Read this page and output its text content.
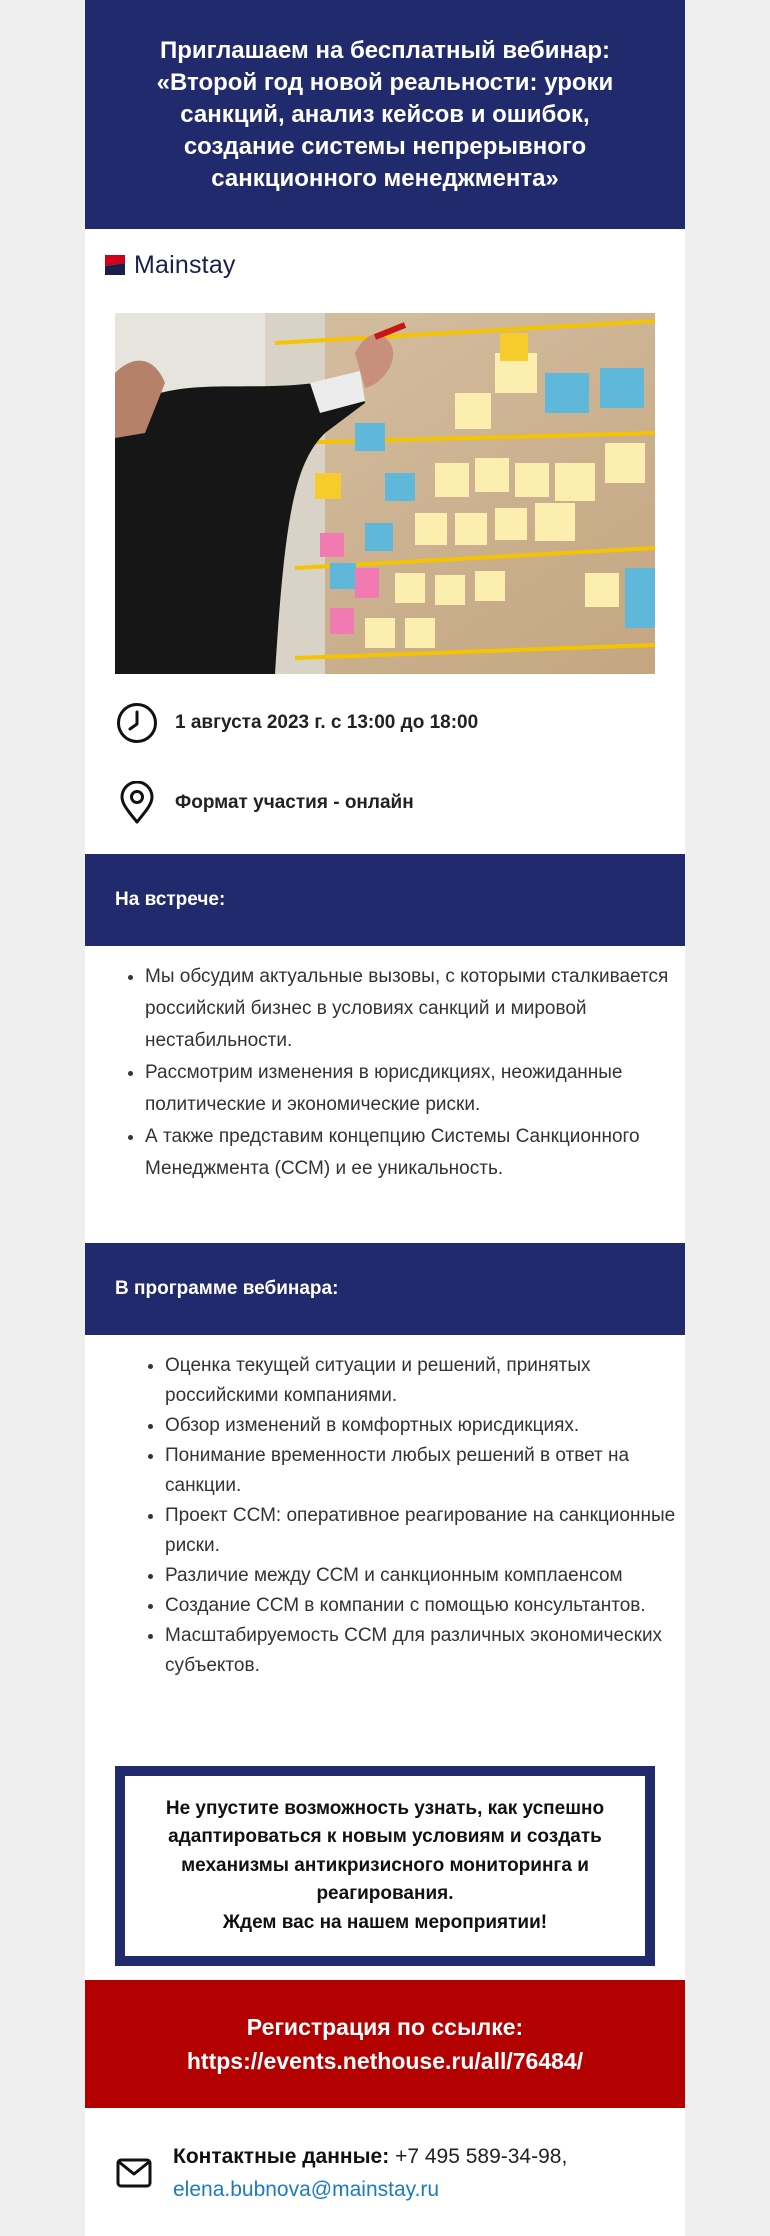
Приглашаем на бесплатный вебинар: «Второй год новой реальности: уроки санкций, анализ кейсов и ошибок, создание системы непрерывного санкционного менеджмента»
Mainstay
1 августа 2023 г. с 13:00 до 18:00
Формат участия - онлайн
На встрече:
• Мы обсудим актуальные вызовы, с которыми сталкивается российский бизнес в условиях санкций и мировой нестабильности.
• Рассмотрим изменения в юрисдикциях, неожиданные политические и экономические риски.
• А также представим концепцию Системы Санкционного Менеджмента (ССМ) и ее уникальность.
В программе вебинара:
• Оценка текущей ситуации и решений, принятых российскими компаниями.
• Обзор изменений в комфортных юрисдикциях.
• Понимание временности любых решений в ответ на санкции.
• Проект ССМ: оперативное реагирование на санкционные риски.
• Различие между ССМ и санкционным комплаенсом
• Создание ССМ в компании с помощью консультантов.
• Масштабируемость ССМ для различных экономических субъектов.

Не упустите возможность узнать, как успешно адаптироваться к новым условиям и создать механизмы антикризисного мониторинга и реагирования.
Ждем вас на нашем мероприятии!

Регистрация по ссылке:
https://events.nethouse.ru/all/76484/
Контактные данные: +7 495 589-34-98,
elena.bubnova@mainstay.ru
